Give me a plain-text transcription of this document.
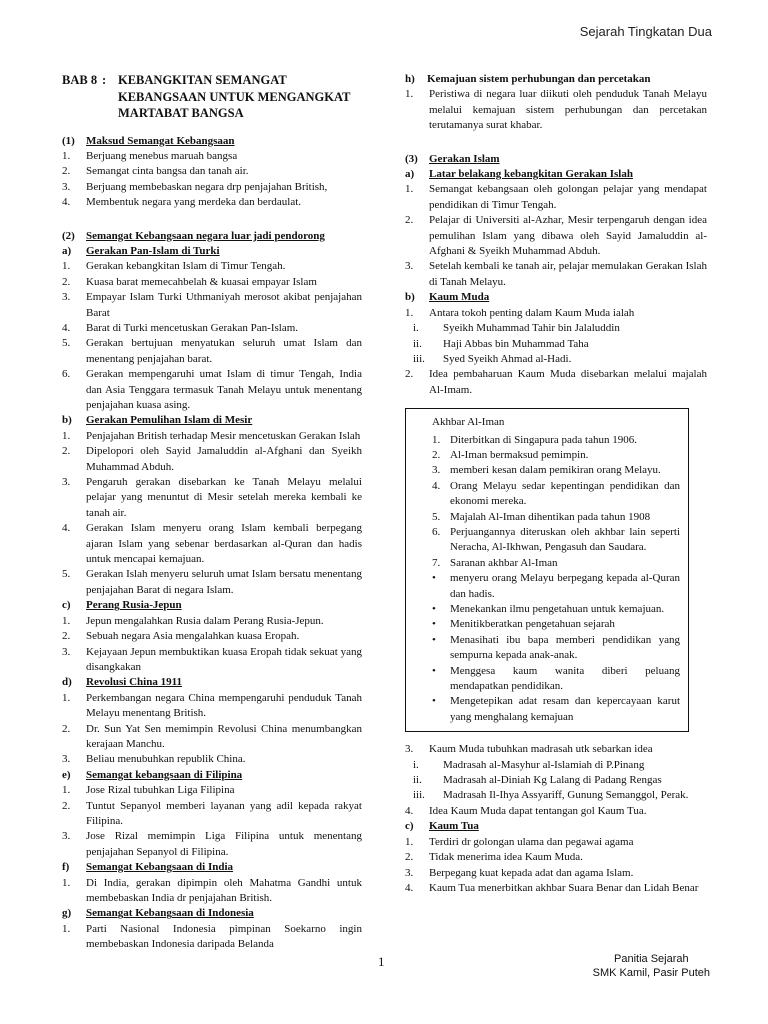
Sejarah Tingkatan Dua
BAB 8 : KEBANGKITAN SEMANGAT
KEBANGSAAN UNTUK MENGANGKAT
MARTABAT BANGSA
(1)	Maksud Semangat Kebangsaan
1.	Berjuang menebus maruah bangsa
2.	Semangat cinta bangsa dan tanah air.
3.	Berjuang membebaskan negara drp penjajahan British,
4.	Membentuk negara yang merdeka dan berdaulat.
(2)	Semangat Kebangsaan negara luar jadi pendorong
a)	Gerakan Pan-Islam di Turki
1.	Gerakan kebangkitan Islam di Timur Tengah.
2.	Kuasa barat memecahbelah & kuasai empayar Islam
3.	Empayar Islam Turki Uthmaniyah merosot akibat penjajahan Barat
4.	Barat di Turki mencetuskan Gerakan Pan-Islam.
5.	Gerakan bertujuan menyatukan seluruh umat Islam dan menentang penjajahan barat.
6.	Gerakan mempengaruhi umat Islam di timur Tengah, India dan Asia Tenggara termasuk Tanah Melayu untuk menentang penjajahan kuasa asing.
b)	Gerakan Pemulihan Islam di Mesir
1.	Penjajahan British terhadap Mesir mencetuskan Gerakan Islah
2.	Dipelopori oleh Sayid Jamaluddin al-Afghani dan Syeikh Muhammad Abduh.
3.	Pengaruh gerakan disebarkan ke Tanah Melayu melalui pelajar yang menuntut di Mesir setelah mereka kembali ke tanah air.
4.	Gerakan Islam menyeru orang Islam kembali berpegang ajaran Islam yang sebenar berdasarkan al-Quran dan hadis untuk mencapai kemajuan.
5.	Gerakan Islah menyeru seluruh umat Islam bersatu menentang penjajahan Barat di negara Islam.
c)	Perang Rusia-Jepun
1.	Jepun mengalahkan Rusia dalam Perang Rusia-Jepun.
2.	Sebuah negara Asia mengalahkan kuasa Eropah.
3.	Kejayaan Jepun membuktikan kuasa Eropah tidak sekuat yang disangkakan
d)	Revolusi China 1911
1.	Perkembangan negara China mempengaruhi penduduk Tanah Melayu menentang British.
2.	Dr. Sun Yat Sen memimpin Revolusi China menumbangkan kerajaan Manchu.
3.	Beliau menubuhkan republik China.
e)	Semangat kebangsaan di Filipina
1.	Jose Rizal tubuhkan Liga Filipina
2.	Tuntut Sepanyol memberi layanan yang adil kepada rakyat Filipina.
3.	Jose Rizal memimpin Liga Filipina untuk menentang penjajahan Sepanyol di Filipina.
f)	Semangat Kebangsaan di India
1.	Di India, gerakan dipimpin oleh Mahatma Gandhi untuk membebaskan India dr penjajahan British.
g)	Semangat Kebangsaan di Indonesia
1.	Parti Nasional Indonesia pimpinan Soekarno ingin membebaskan Indonesia daripada Belanda
h)	Kemajuan sistem perhubungan dan percetakan
1.	Peristiwa di negara luar diikuti oleh penduduk Tanah Melayu melalui kemajuan sistem perhubungan dan percetakan terutamanya surat khabar.
(3)	Gerakan Islam
a)	Latar belakang kebangkitan Gerakan Islah
1.	Semangat kebangsaan oleh golongan pelajar yang mendapat pendidikan di Timur Tengah.
2.	Pelajar di Universiti al-Azhar, Mesir terpengaruh dengan idea pemulihan Islam yang dibawa oleh Sayid Jamaluddin al-Afghani & Syeikh Muhammad Abduh.
3.	Setelah kembali ke tanah air, pelajar memulakan Gerakan Islah di Tanah Melayu.
b)	Kaum Muda
1.	Antara tokoh penting dalam Kaum Muda ialah
i.	Syeikh Muhammad Tahir bin Jalaluddin
ii.	Haji Abbas bin Muhammad Taha
iii.	Syed Syeikh Ahmad al-Hadi.
2.	Idea pembaharuan Kaum Muda disebarkan melalui majalah Al-Imam.
Akhbar Al-Iman
1. Diterbitkan di Singapura pada tahun 1906.
2. Al-Iman bermaksud pemimpin.
3. memberi kesan dalam pemikiran orang Melayu.
4. Orang Melayu sedar kepentingan pendidikan dan ekonomi mereka.
5. Majalah Al-Iman dihentikan pada tahun 1908
6. Perjuangannya diteruskan oleh akhbar lain seperti Neracha, Al-Ikhwan, Pengasuh dan Saudara.
7. Saranan akhbar Al-Iman
•	menyeru orang Melayu berpegang kepada al-Quran dan hadis.
•	Menekankan ilmu pengetahuan untuk kemajuan.
•	Menitikberatkan pengetahuan sejarah
•	Menasihati ibu bapa memberi pendidikan yang sempurna kepada anak-anak.
•	Menggesa kaum wanita diberi peluang mendapatkan pendidikan.
•	Mengetepikan adat resam dan kepercayaan karut yang menghalang kemajuan
3.	Kaum Muda tubuhkan madrasah utk sebarkan idea
i.	Madrasah al-Masyhur al-Islamiah di P.Pinang
ii.	Madrasah al-Diniah Kg Lalang di Padang Rengas
iii.	Madrasah Il-Ihya Assyariff, Gunung Semanggol, Perak.
4.	Idea Kaum Muda dapat tentangan gol Kaum Tua.
c)	Kaum Tua
1.	Terdiri dr golongan ulama dan pegawai agama
2.	Tidak menerima idea Kaum Muda.
3.	Berpegang kuat kepada adat dan agama Islam.
4.	Kaum Tua menerbitkan akhbar Suara Benar dan Lidah Benar
1	Panitia Sejarah
SMK Kamil, Pasir Puteh
